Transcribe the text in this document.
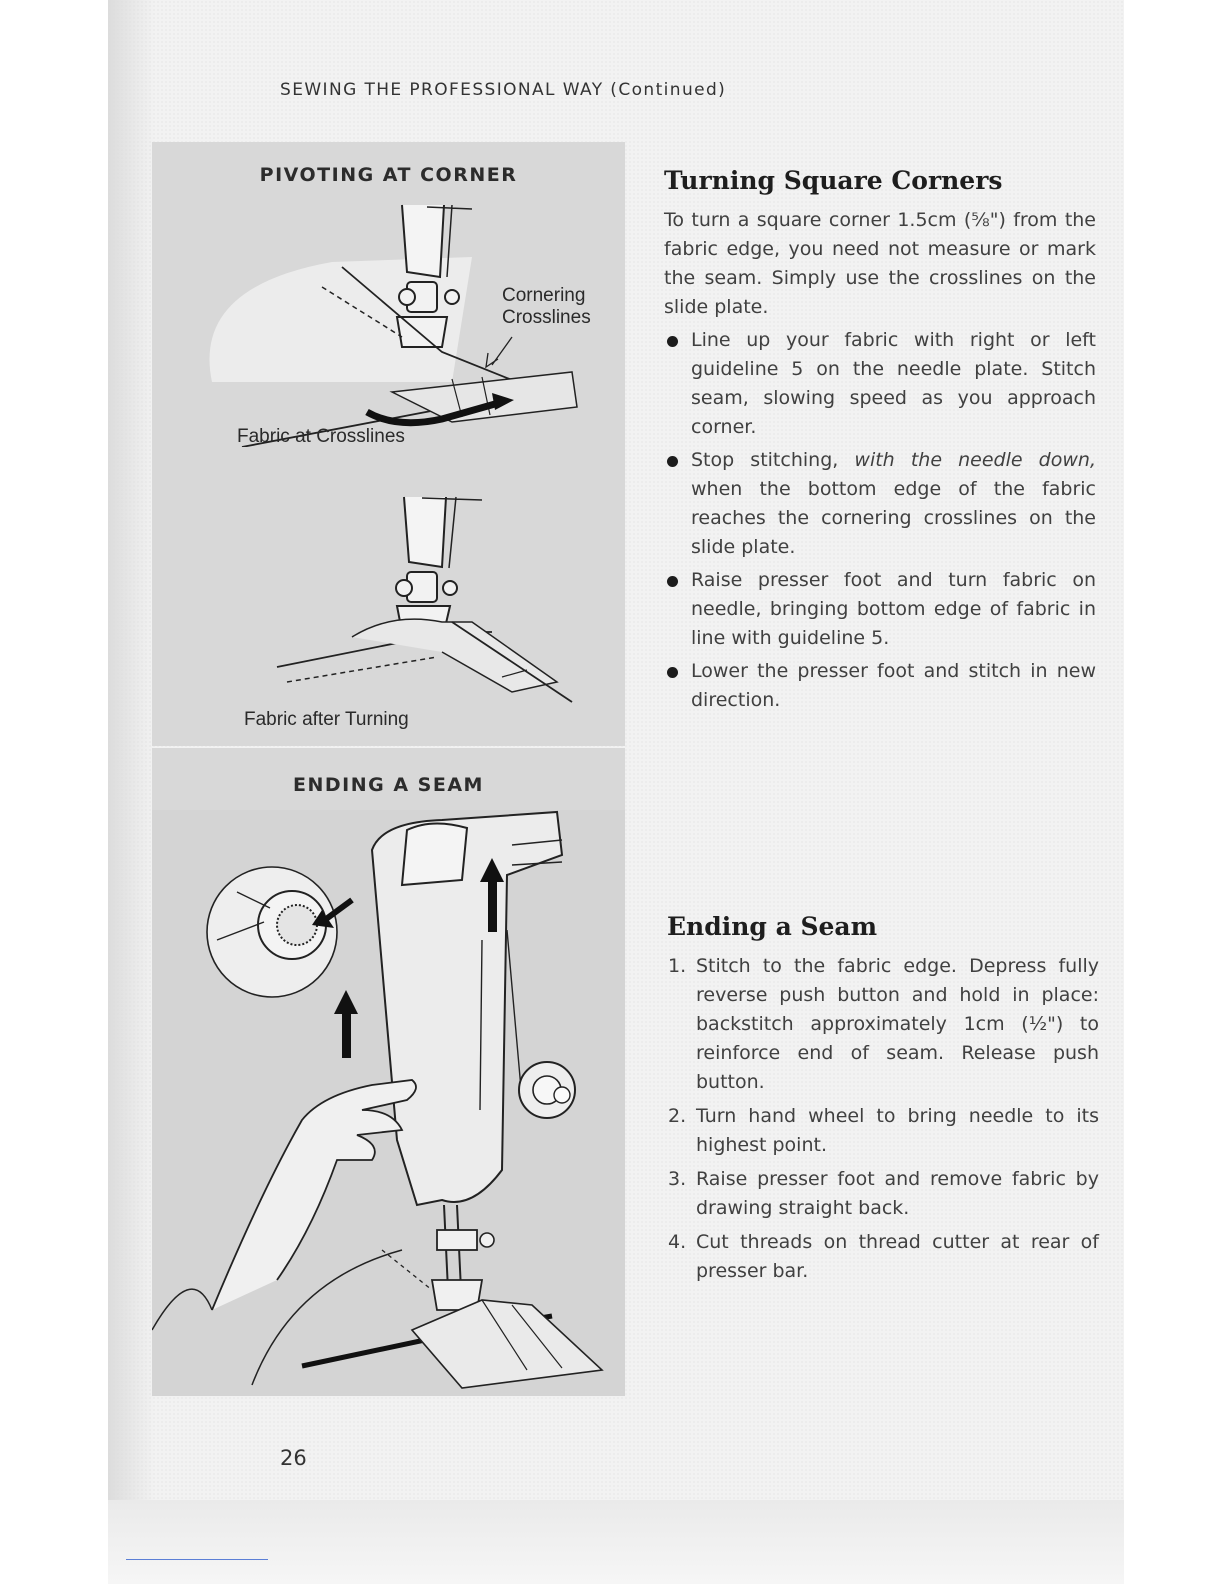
SEWING THE PROFESSIONAL WAY (Continued)
PIVOTING AT CORNER
Cornering
Crosslines
Fabric at Crosslines
Fabric after Turning
ENDING A SEAM
Turning Square Corners
To turn a square corner 1.5cm (⅝") from the fabric edge, you need not measure or mark the seam. Simply use the crosslines on the slide plate.
Line up your fabric with right or left guideline 5 on the needle plate. Stitch seam, slowing speed as you approach corner.
Stop stitching, with the needle down, when the bottom edge of the fabric reaches the cornering crosslines on the slide plate.
Raise presser foot and turn fabric on needle, bringing bottom edge of fabric in line with guideline 5.
Lower the presser foot and stitch in new direction.
Ending a Seam
1. Stitch to the fabric edge. Depress fully reverse push button and hold in place: backstitch approximately 1cm (½") to reinforce end of seam. Release push button.
2. Turn hand wheel to bring needle to its highest point.
3. Raise presser foot and remove fabric by drawing straight back.
4. Cut threads on thread cutter at rear of presser bar.
26
